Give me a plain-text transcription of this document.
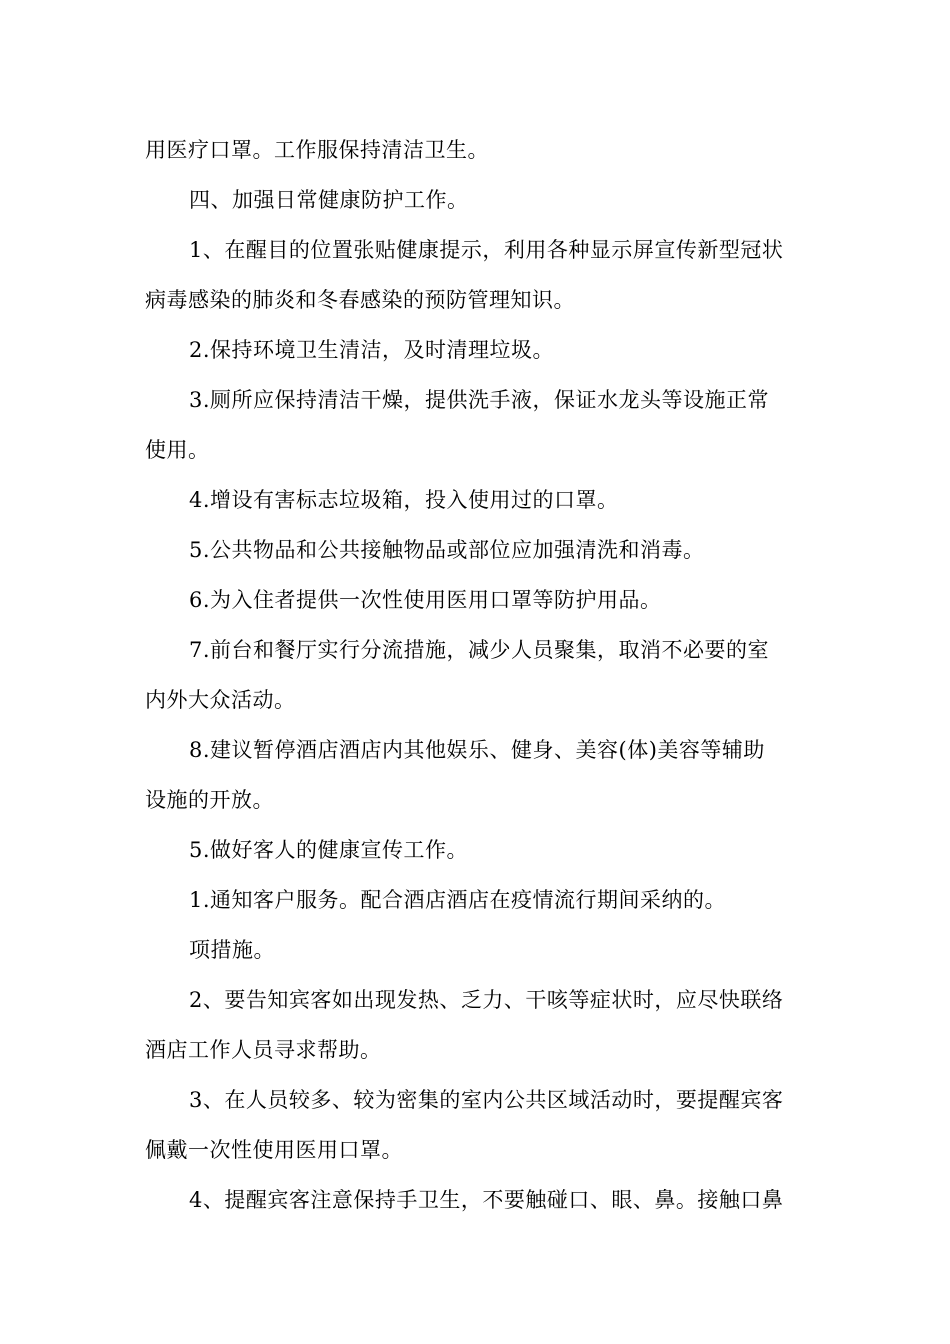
用医疗口罩。工作服保持清洁卫生。
四、加强日常健康防护工作。
1、在醒目的位置张贴健康提示，利用各种显示屏宣传新型冠状
病毒感染的肺炎和冬春感染的预防管理知识。
2.保持环境卫生清洁，及时清理垃圾。
3.厕所应保持清洁干燥，提供洗手液，保证水龙头等设施正常
使用。
4.增设有害标志垃圾箱，投入使用过的口罩。
5.公共物品和公共接触物品或部位应加强清洗和消毒。
6.为入住者提供一次性使用医用口罩等防护用品。
7.前台和餐厅实行分流措施，减少人员聚集，取消不必要的室
内外大众活动。
8.建议暂停酒店酒店内其他娱乐、健身、美容(体)美容等辅助
设施的开放。
5.做好客人的健康宣传工作。
1.通知客户服务。配合酒店酒店在疫情流行期间采纳的。
项措施。
2、要告知宾客如出现发热、乏力、干咳等症状时，应尽快联络
酒店工作人员寻求帮助。
3、在人员较多、较为密集的室内公共区域活动时，要提醒宾客
佩戴一次性使用医用口罩。
4、提醒宾客注意保持手卫生，不要触碰口、眼、鼻。接触口鼻
